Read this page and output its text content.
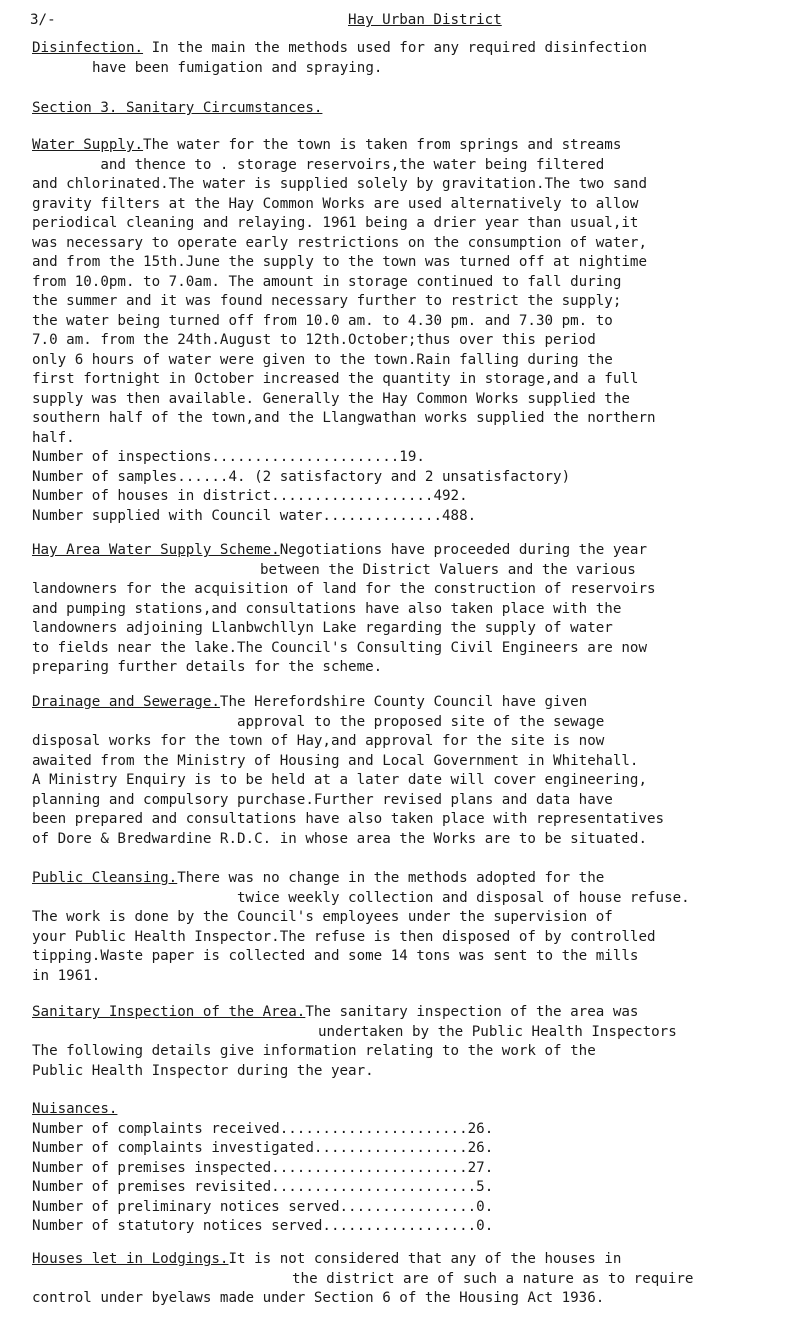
3/-	Hay Urban District

Disinfection. In the main the methods used for any required disinfection

have been fumigation and spraying.

Section 3. Sanitary Circumstances.

Water Supply.The water for the town is taken from springs and streams

and thence to . storage reservoirs,the water being filtered

and chlorinated.The water is supplied solely by gravitation.The two sand

gravity filters at the Hay Common Works are used alternatively to allow

periodical cleaning and relaying. 1961 being a drier year than usual,it

was necessary to operate early restrictions on the consumption of water,

and from the 15th.June the supply to the town was turned off at nightime

from 10.0pm. to 7.0am. The amount in storage continued to fall during

the summer and it was found necessary further to restrict the supply;

the water being turned off from 10.0 am. to 4.30 pm. and 7.30 pm. to

7.0 am. from the 24th.August to 12th.October;thus over this period

only 6 hours of water were given to the town.Rain falling during the

first fortnight in October increased the quantity in storage,and a full

supply was then available. Generally the Hay Common Works supplied the

southern half of the town,and the Llangwathan works supplied the northern

half.

Number of inspections......................19.

Number of samples......4. (2 satisfactory and 2 unsatisfactory)

Number of houses in district...................492.

Number supplied with Council water..............488.

Hay Area Water Supply Scheme.Negotiations have proceeded during the year

between the District Valuers and the various

landowners for the acquisition of land for the construction of reservoirs

and pumping stations,and consultations have also taken place with the

landowners adjoining Llanbwchllyn Lake regarding the supply of water

to fields near the lake.The Council's Consulting Civil Engineers are now

preparing further details for the scheme.

Drainage and Sewerage.The Herefordshire County Council have given

approval to the proposed site of the sewage

disposal works for the town of Hay,and approval for the site is now

awaited from the Ministry of Housing and Local Government in Whitehall.

A Ministry Enquiry is to be held at a later date will cover engineering,

planning and compulsory purchase.Further revised plans and data have

been prepared and consultations have also taken place with representatives

of Dore & Bredwardine R.D.C. in whose area the Works are to be situated.

Public Cleansing.There was no change in the methods adopted for the

twice weekly collection and disposal of house refuse.

The work is done by the Council's employees under the supervision of

your Public Health Inspector.The refuse is then disposed of by controlled

tipping.Waste paper is collected and some 14 tons was sent to the mills

in 1961.

Sanitary Inspection of the Area.The sanitary inspection of the area was

undertaken by the Public Health Inspectors

The following details give information relating to the work of the

Public Health Inspector during the year.

Nuisances.

Number of complaints received......................26.

Number of complaints investigated..................26.

Number of premises inspected.......................27.

Number of premises revisited........................5.

Number of preliminary notices served................0.

Number of statutory notices served..................0.

Houses let in Lodgings.It is not considered that any of the houses in

the district are of such a nature as to require

control under byelaws made under Section 6 of the Housing Act 1936.
